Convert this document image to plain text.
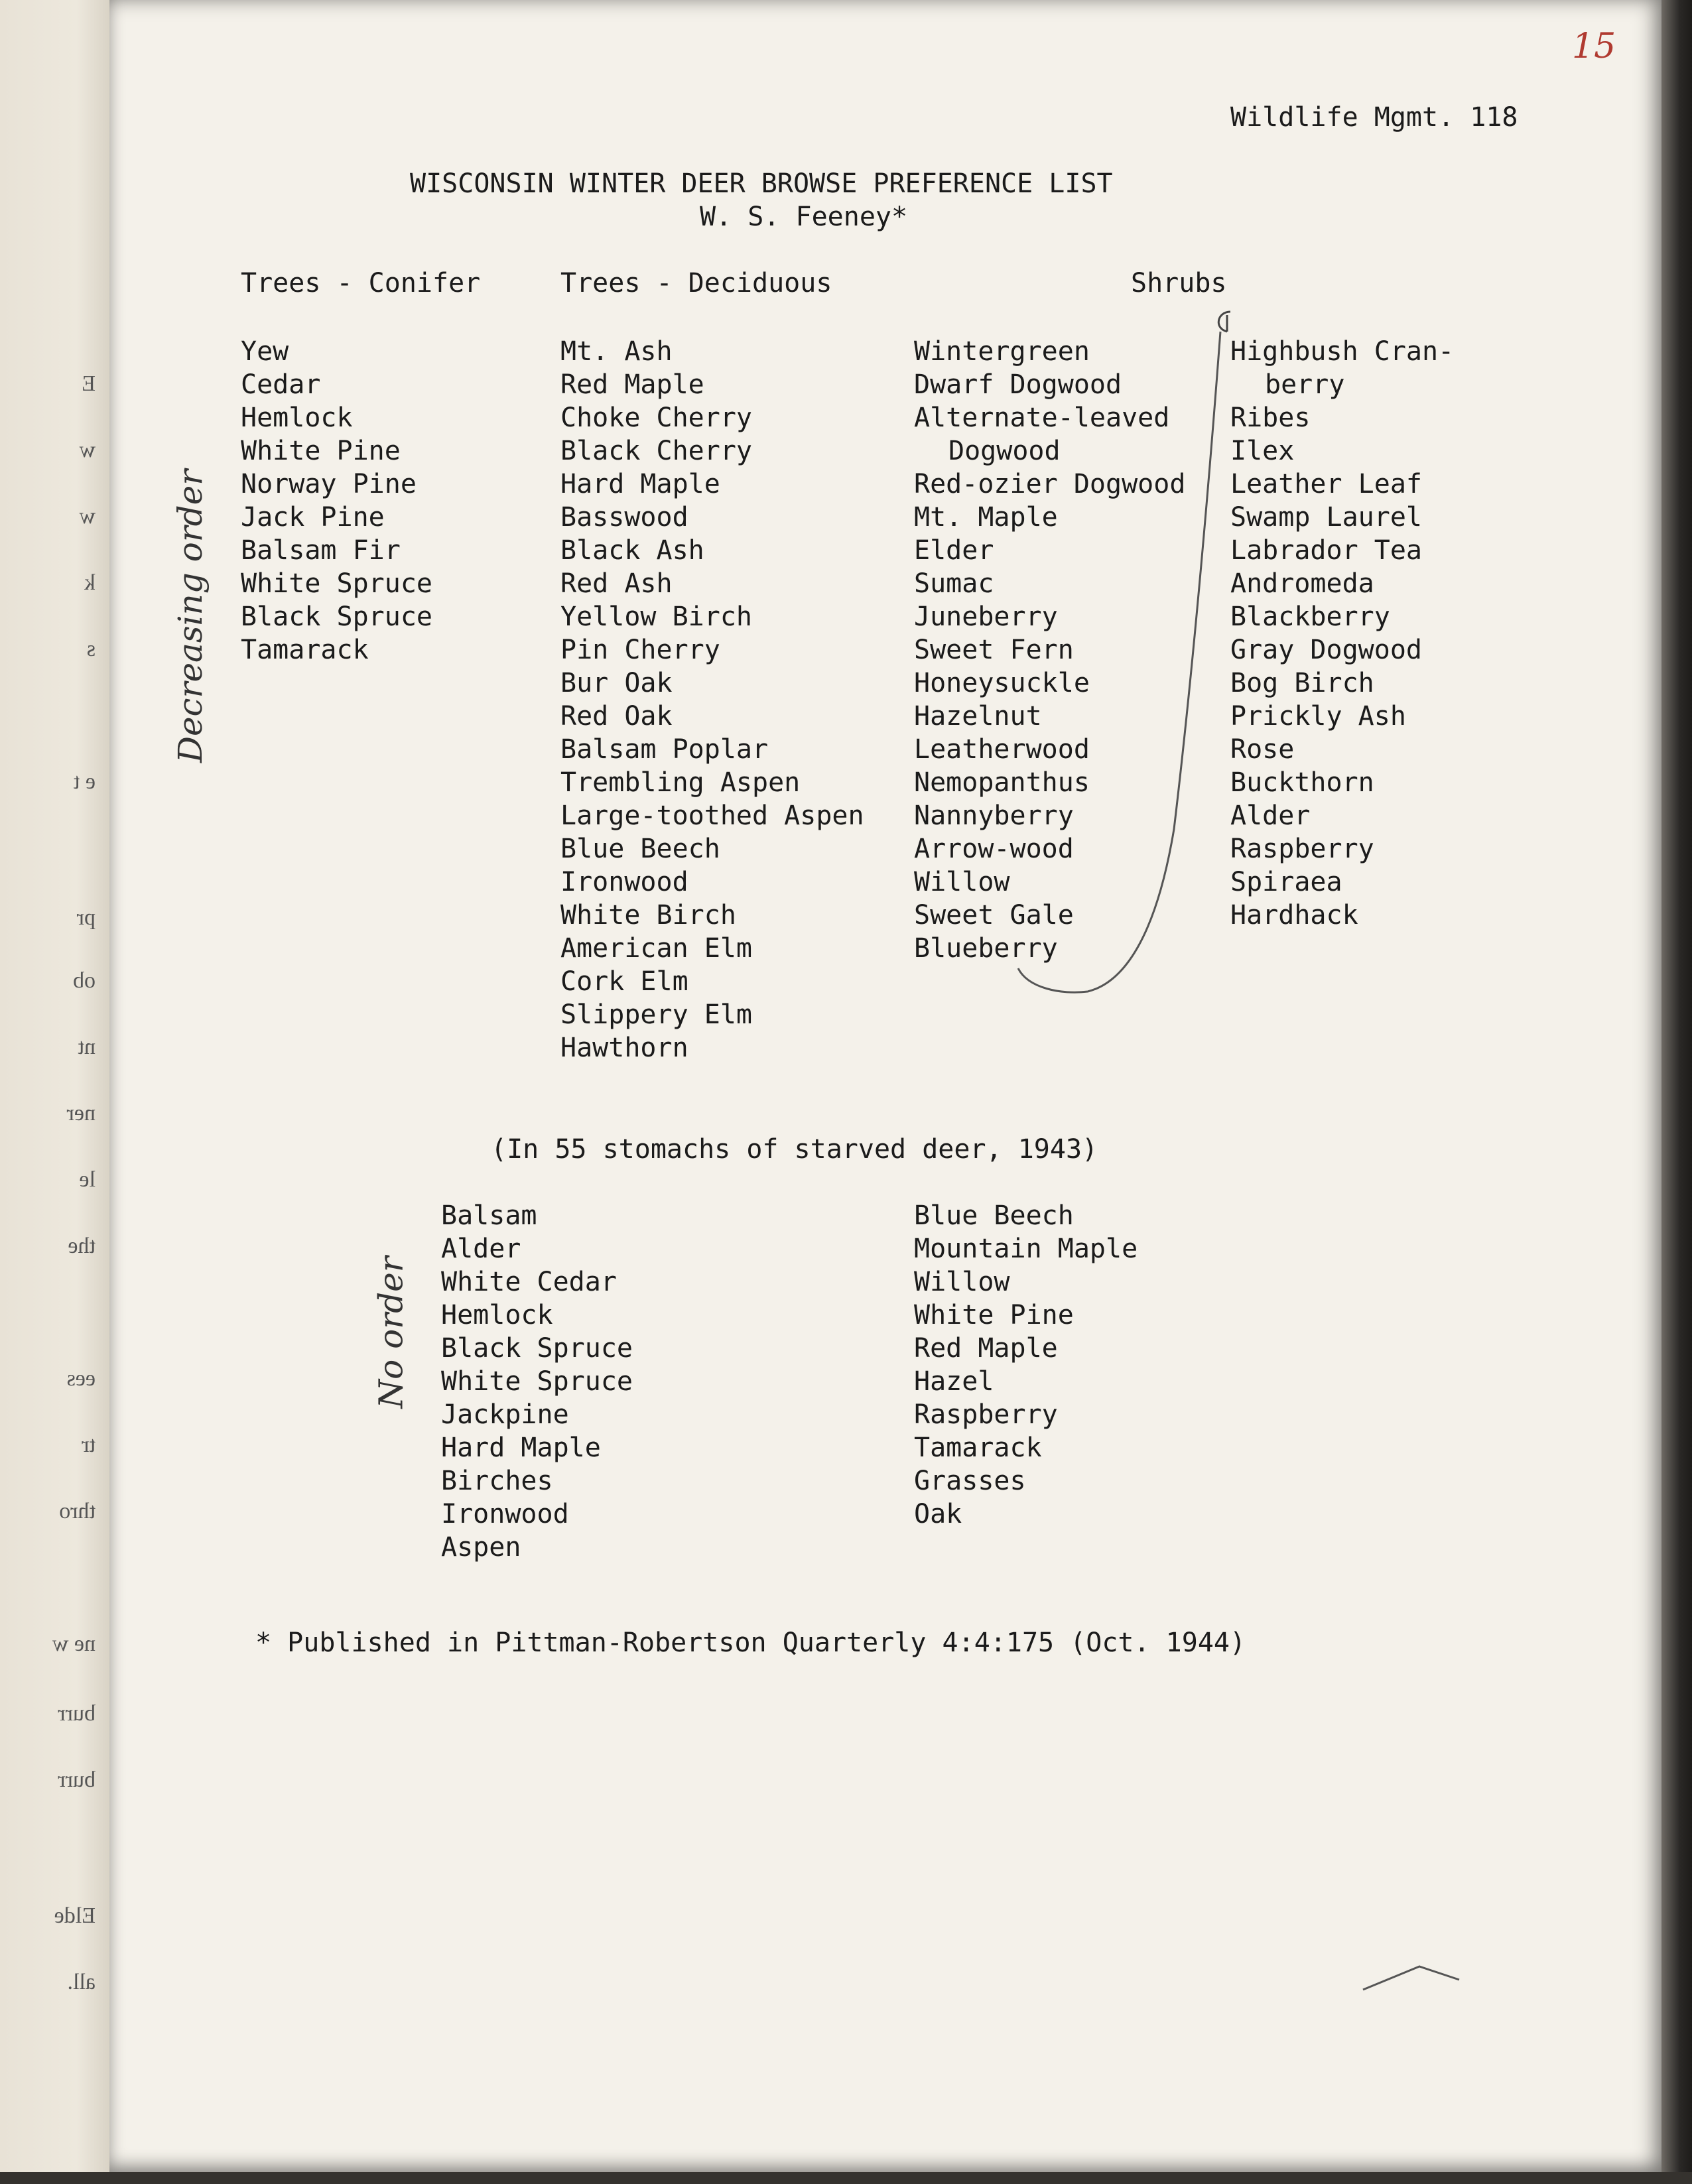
E
w
w
k
s
e t
pr
ob
nt
ner
le
the
ees
tr
thro
ne w
burr
burr
Elde
all.
15

Wildlife Mgmt. 118

WISCONSIN WINTER DEER BROWSE PREFERENCE LIST

W. S. Feeney*

Trees - Conifer	Trees - Deciduous	Shrubs

Yew
Cedar
Hemlock
White Pine
Norway Pine
Jack Pine
Balsam Fir
White Spruce
Black Spruce
Tamarack
Mt. Ash
Red Maple
Choke Cherry
Black Cherry
Hard Maple
Basswood
Black Ash
Red Ash
Yellow Birch
Pin Cherry
Bur Oak
Red Oak
Balsam Poplar
Trembling Aspen
Large-toothed Aspen
Blue Beech
Ironwood
White Birch
American Elm
Cork Elm
Slippery Elm
Hawthorn
Wintergreen
Dwarf Dogwood
Alternate-leaved
Dogwood
Red-ozier Dogwood
Mt. Maple
Elder
Sumac
Juneberry
Sweet Fern
Honeysuckle
Hazelnut
Leatherwood
Nemopanthus
Nannyberry
Arrow-wood
Willow
Sweet Gale
Blueberry
Highbush Cran-
berry
Ribes
Ilex
Leather Leaf
Swamp Laurel
Labrador Tea
Andromeda
Blackberry
Gray Dogwood
Bog Birch
Prickly Ash
Rose
Buckthorn
Alder
Raspberry
Spiraea
Hardhack

(In 55 stomachs of starved deer, 1943)

Balsam
Alder
White Cedar
Hemlock
Black Spruce
White Spruce
Jackpine
Hard Maple
Birches
Ironwood
Aspen
Blue Beech
Mountain Maple
Willow
White Pine
Red Maple
Hazel
Raspberry
Tamarack
Grasses
Oak

* Published in Pittman-Robertson Quarterly 4:4:175 (Oct. 1944)

Decreasing order
No order
